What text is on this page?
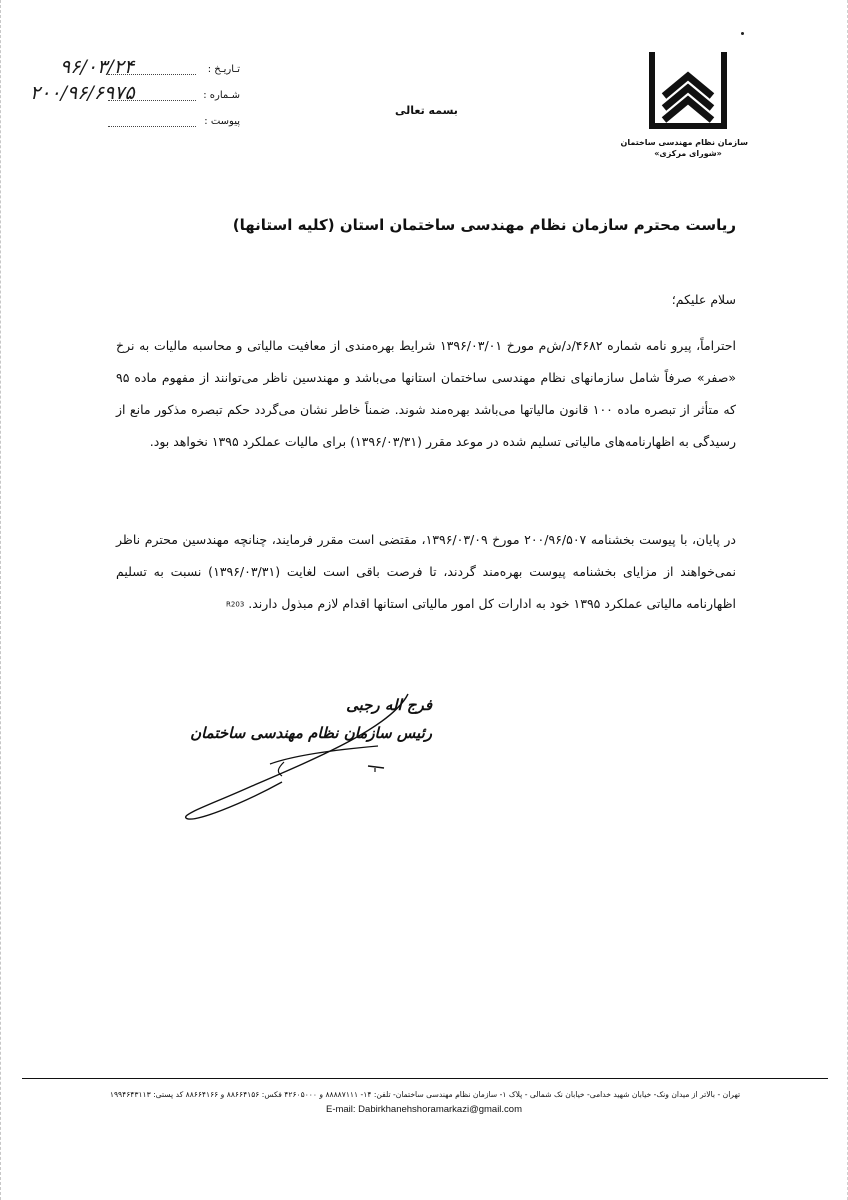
سازمان نظام مهندسی ساختمان
«شورای مرکزی»
بسمه تعالی
تـاریـخ :
۹۶/۰۳/۲۴
شـماره :
۲۰۰/۹۶/۶۹۷۵
پیوست :
ریاست محترم سازمان نظام مهندسی ساختمان استان (کلیه استانها)
سلام علیکم؛
احتراماً، پیرو نامه شماره ۴۶۸۲/د/ش‌م مورخ ۱۳۹۶/۰۳/۰۱ شرایط بهره‌مندی از معافیت مالیاتی و محاسبه مالیات به نرخ «صفر» صرفاً شامل سازمانهای نظام مهندسی ساختمان استانها می‌باشد و مهندسین ناظر می‌توانند از مفهوم ماده ۹۵ که متأثر از تبصره ماده ۱۰۰ قانون مالیاتها می‌باشد بهره‌مند شوند. ضمناً خاطر نشان می‌گردد حکم تبصره مذکور مانع از رسیدگی به اظهارنامه‌های مالیاتی تسلیم شده در موعد مقرر (۱۳۹۶/۰۳/۳۱) برای مالیات عملکرد ۱۳۹۵ نخواهد بود.
در پایان، با پیوست بخشنامه ۲۰۰/۹۶/۵۰۷ مورخ ۱۳۹۶/۰۳/۰۹، مقتضی است مقرر فرمایند، چنانچه مهندسین محترم ناظر نمی‌خواهند از مزایای بخشنامه پیوست بهره‌مند گردند، تا فرصت باقی است لغایت (۱۳۹۶/۰۳/۳۱) نسبت به تسلیم اظهارنامه مالیاتی عملکرد ۱۳۹۵ خود به ادارات کل امور مالیاتی استانها اقدام لازم مبذول دارند. R203
فرج اله رجبی
رئیس سازمان نظام مهندسی ساختمان
تهران - بالاتر از میدان ونک- خیابان شهید خدامی- خیابان نک شمالی - پلاک ۱- سازمان نظام مهندسی ساختمان- تلفن: ۱۴- ۸۸۸۸۷۱۱۱ و ۴۲۶۰۵۰۰۰ فکس: ۸۸۶۶۴۱۵۶ و ۸۸۶۶۴۱۶۶ کد پستی: ۱۹۹۴۶۴۳۱۱۳
E-mail: Dabirkhanehshoramarkazi@gmail.com
